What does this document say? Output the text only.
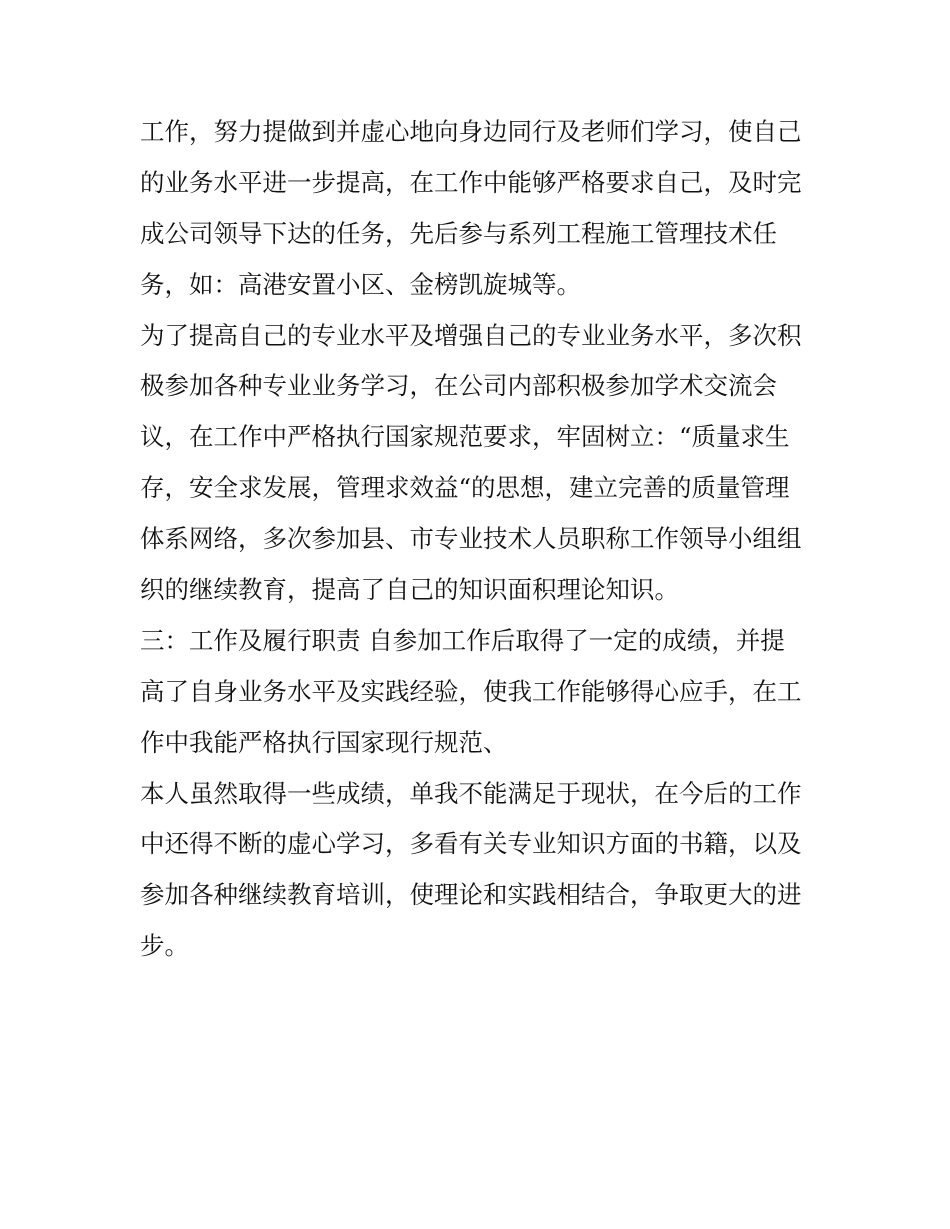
工作，努力提做到并虚心地向身边同行及老师们学习，使自己
的业务水平进一步提高，在工作中能够严格要求自己，及时完
成公司领导下达的任务，先后参与系列工程施工管理技术任
务，如：高港安置小区、金榜凯旋城等。
为了提高自己的专业水平及增强自己的专业业务水平，多次积
极参加各种专业业务学习，在公司内部积极参加学术交流会
议，在工作中严格执行国家规范要求，牢固树立：“质量求生
存，安全求发展，管理求效益“的思想，建立完善的质量管理
体系网络，多次参加县、市专业技术人员职称工作领导小组组
织的继续教育，提高了自己的知识面积理论知识。
三：工作及履行职责 自参加工作后取得了一定的成绩，并提
高了自身业务水平及实践经验，使我工作能够得心应手，在工
作中我能严格执行国家现行规范、
本人虽然取得一些成绩，单我不能满足于现状，在今后的工作
中还得不断的虚心学习，多看有关专业知识方面的书籍，以及
参加各种继续教育培训，使理论和实践相结合，争取更大的进
步。
